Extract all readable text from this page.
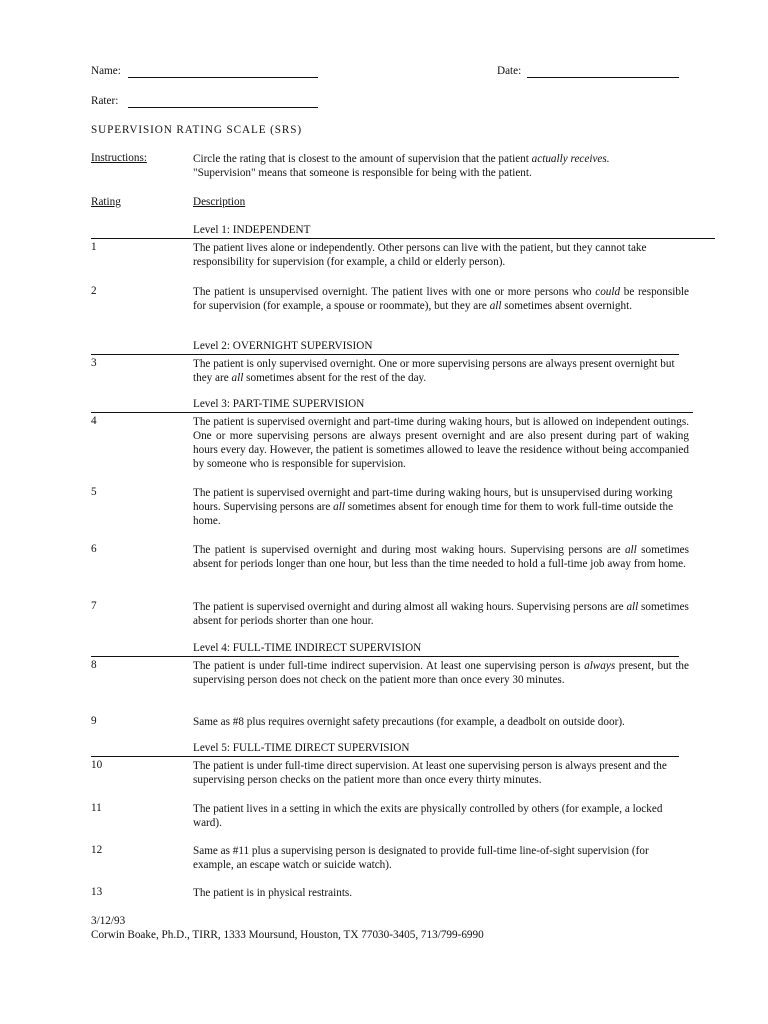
Name:	Date:
Rater:
SUPERVISION RATING SCALE (SRS)
Instructions:	Circle the rating that is closest to the amount of supervision that the patient actually receives.
"Supervision" means that someone is responsible for being with the patient.
Rating	Description
Level 1: INDEPENDENT
Level 2: OVERNIGHT SUPERVISION
Level 3: PART-TIME SUPERVISION
Level 4: FULL-TIME INDIRECT SUPERVISION
Level 5: FULL-TIME DIRECT SUPERVISION
1	The patient lives alone or independently. Other persons can live with the patient, but they cannot take responsibility for supervision (for example, a child or elderly person).
2	The patient is unsupervised overnight. The patient lives with one or more persons who could be responsible for supervision (for example, a spouse or roommate), but they are all sometimes absent overnight.
3	The patient is only supervised overnight. One or more supervising persons are always present overnight but they are all sometimes absent for the rest of the day.
4	The patient is supervised overnight and part-time during waking hours, but is allowed on independent outings. One or more supervising persons are always present overnight and are also present during part of waking hours every day. However, the patient is sometimes allowed to leave the residence without being accompanied by someone who is responsible for supervision.
5	The patient is supervised overnight and part-time during waking hours, but is unsupervised during working hours. Supervising persons are all sometimes absent for enough time for them to work full-time outside the home.
6	The patient is supervised overnight and during most waking hours. Supervising persons are all sometimes absent for periods longer than one hour, but less than the time needed to hold a full-time job away from home.
7	The patient is supervised overnight and during almost all waking hours. Supervising persons are all sometimes absent for periods shorter than one hour.
8	The patient is under full-time indirect supervision. At least one supervising person is always present, but the supervising person does not check on the patient more than once every 30 minutes.
9	Same as #8 plus requires overnight safety precautions (for example, a deadbolt on outside door).
10	The patient is under full-time direct supervision. At least one supervising person is always present and the supervising person checks on the patient more than once every thirty minutes.
11	The patient lives in a setting in which the exits are physically controlled by others (for example, a locked ward).
12	Same as #11 plus a supervising person is designated to provide full-time line-of-sight supervision (for example, an escape watch or suicide watch).
13	The patient is in physical restraints.
3/12/93
Corwin Boake, Ph.D., TIRR, 1333 Moursund, Houston, TX 77030-3405, 713/799-6990
